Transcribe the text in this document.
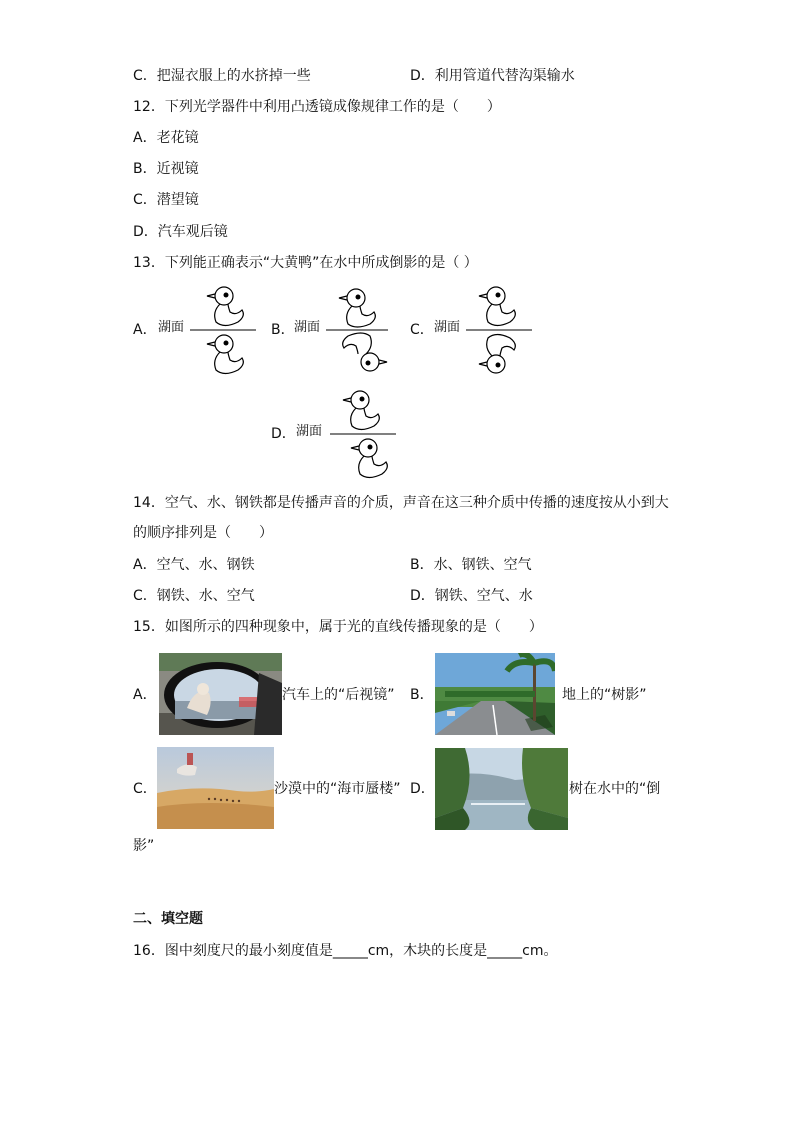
C．把湿衣服上的水挤掉一些	D．利用管道代替沟渠输水
12．下列光学器件中利用凸透镜成像规律工作的是（　　）
A．老花镜
B．近视镜
C．潜望镜
D．汽车观后镜
13．下列能正确表示“大黄鸭”在水中所成倒影的是（ ）
A． 湖面	B． 湖面	C． 湖面
D． 湖面
14．空气、水、钢铁都是传播声音的介质，声音在这三种介质中传播的速度按从小到大
的顺序排列是（　　）
A．空气、水、钢铁	B．水、钢铁、空气
C．钢铁、水、空气	D．钢铁、空气、水
15．如图所示的四种现象中，属于光的直线传播现象的是（　　）
A．	汽车上的“后视镜” B．	地上的“树影”
C．	沙漠中的“海市蜃楼” D．	树在水中的“倒
影”
二、填空题
16．图中刻度尺的最小刻度值是_____cm，木块的长度是_____cm。
